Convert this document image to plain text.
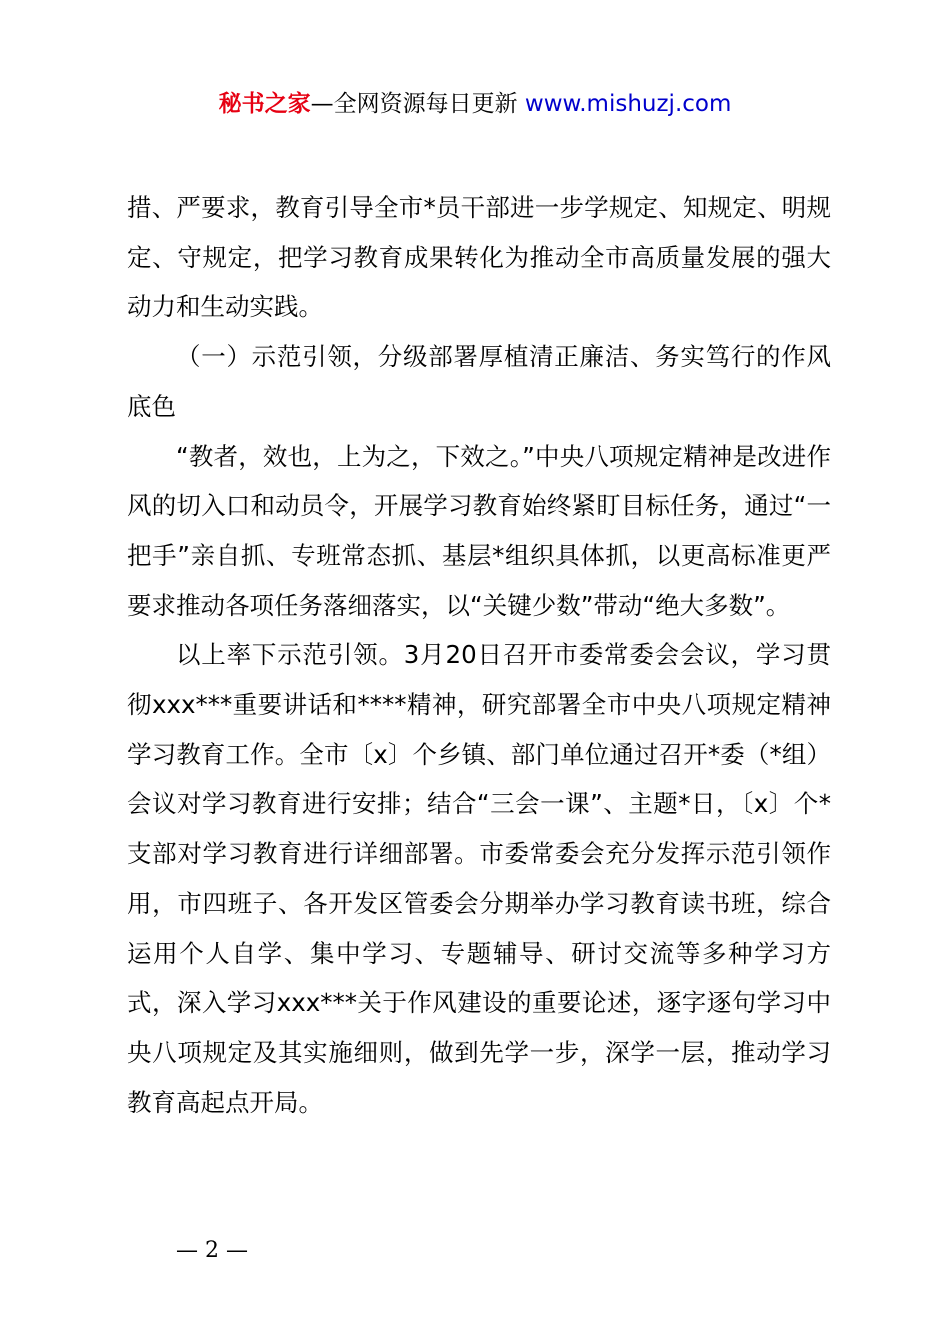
秘书之家—全网资源每日更新 www.mishuzj.com

措、严要求，教育引导全市*员干部进一步学规定、知规定、明规定、守规定，把学习教育成果转化为推动全市高质量发展的强大动力和生动实践。

（一）示范引领，分级部署厚植清正廉洁、务实笃行的作风底色

“教者，效也，上为之，下效之。”中央八项规定精神是改进作风的切入口和动员令，开展学习教育始终紧盯目标任务，通过“一把手”亲自抓、专班常态抓、基层*组织具体抓，以更高标准更严要求推动各项任务落细落实，以“关键少数”带动“绝大多数”。

以上率下示范引领。3月20日召开市委常委会会议，学习贯彻xxx***重要讲话和****精神，研究部署全市中央八项规定精神学习教育工作。全市〔x〕个乡镇、部门单位通过召开*委（*组）会议对学习教育进行安排；结合“三会一课”、主题*日，〔x〕个*支部对学习教育进行详细部署。市委常委会充分发挥示范引领作用，市四班子、各开发区管委会分期举办学习教育读书班，综合运用个人自学、集中学习、专题辅导、研讨交流等多种学习方式，深入学习xxx***关于作风建设的重要论述，逐字逐句学习中央八项规定及其实施细则，做到先学一步，深学一层，推动学习教育高起点开局。

— 2 —
